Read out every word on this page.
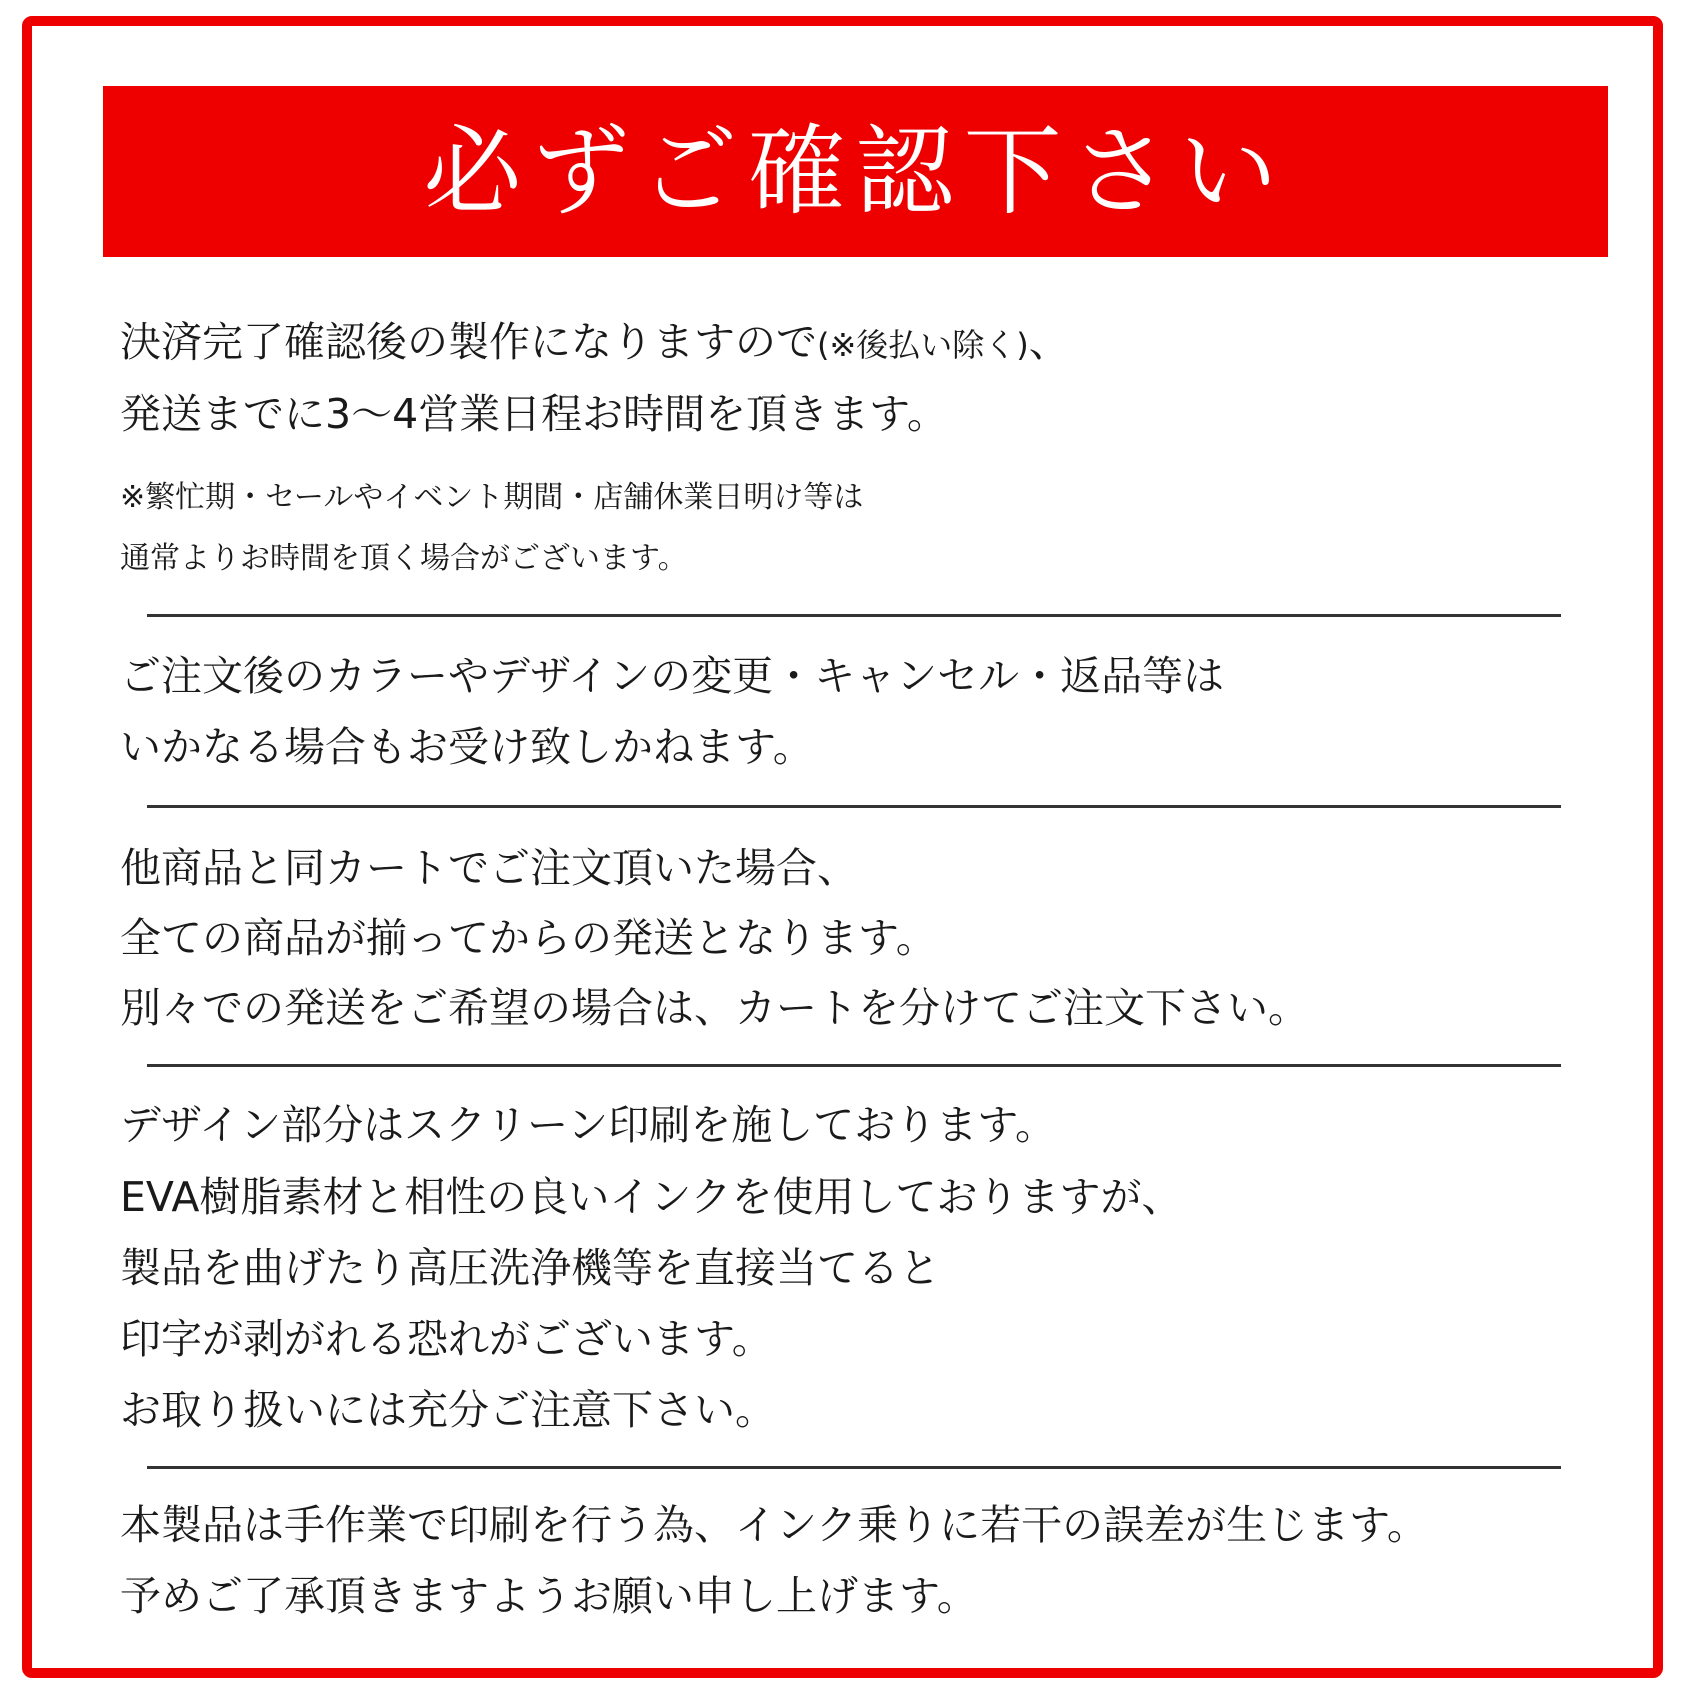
必ずご確認下さい
決済完了確認後の製作になりますので(※後払い除く)、
発送までに3～4営業日程お時間を頂きます。
※繁忙期・セールやイベント期間・店舗休業日明け等は
通常よりお時間を頂く場合がございます。
ご注文後のカラーやデザインの変更・キャンセル・返品等は
いかなる場合もお受け致しかねます。
他商品と同カートでご注文頂いた場合、
全ての商品が揃ってからの発送となります。
別々での発送をご希望の場合は、カートを分けてご注文下さい。
デザイン部分はスクリーン印刷を施しております。
EVA樹脂素材と相性の良いインクを使用しておりますが、
製品を曲げたり高圧洗浄機等を直接当てると
印字が剥がれる恐れがございます。
お取り扱いには充分ご注意下さい。
本製品は手作業で印刷を行う為、インク乗りに若干の誤差が生じます。
予めご了承頂きますようお願い申し上げます。
